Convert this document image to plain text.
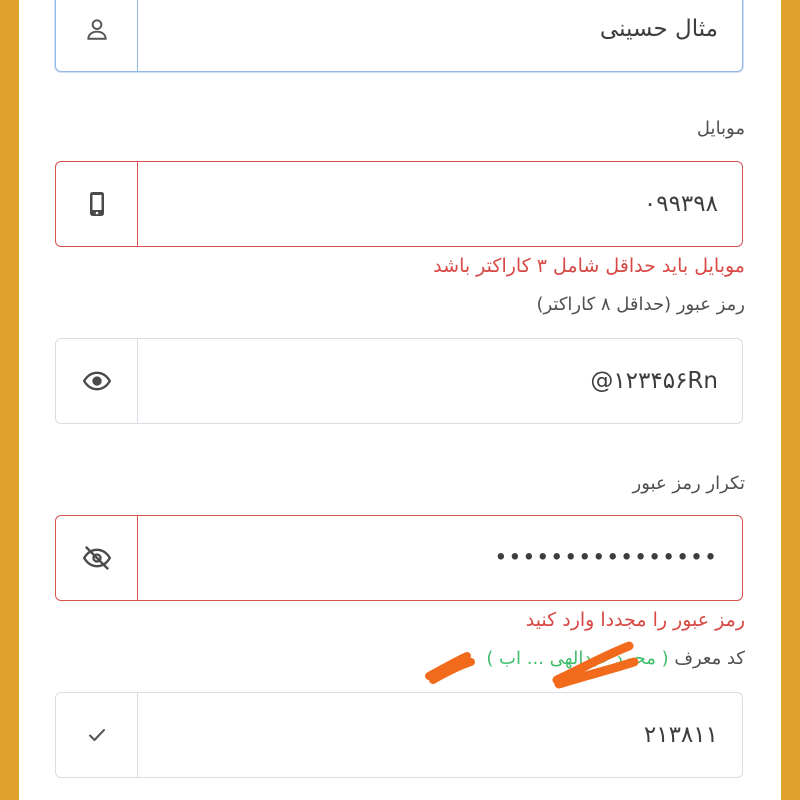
مثال حسینی
موبایل
۰۹۹۳۹۸
موبایل باید حداقل شامل ۳ کاراکتر باشد
رمز عبور (حداقل ۸ کاراکتر)
۱۲۳۴۵۶Rn@
تکرار رمز عبور
••••••••••••••••
رمز عبور را مجددا وارد کنید
کد معرف ( محمد عبدالهی ... اب )
۲۱۳۸۱۱
